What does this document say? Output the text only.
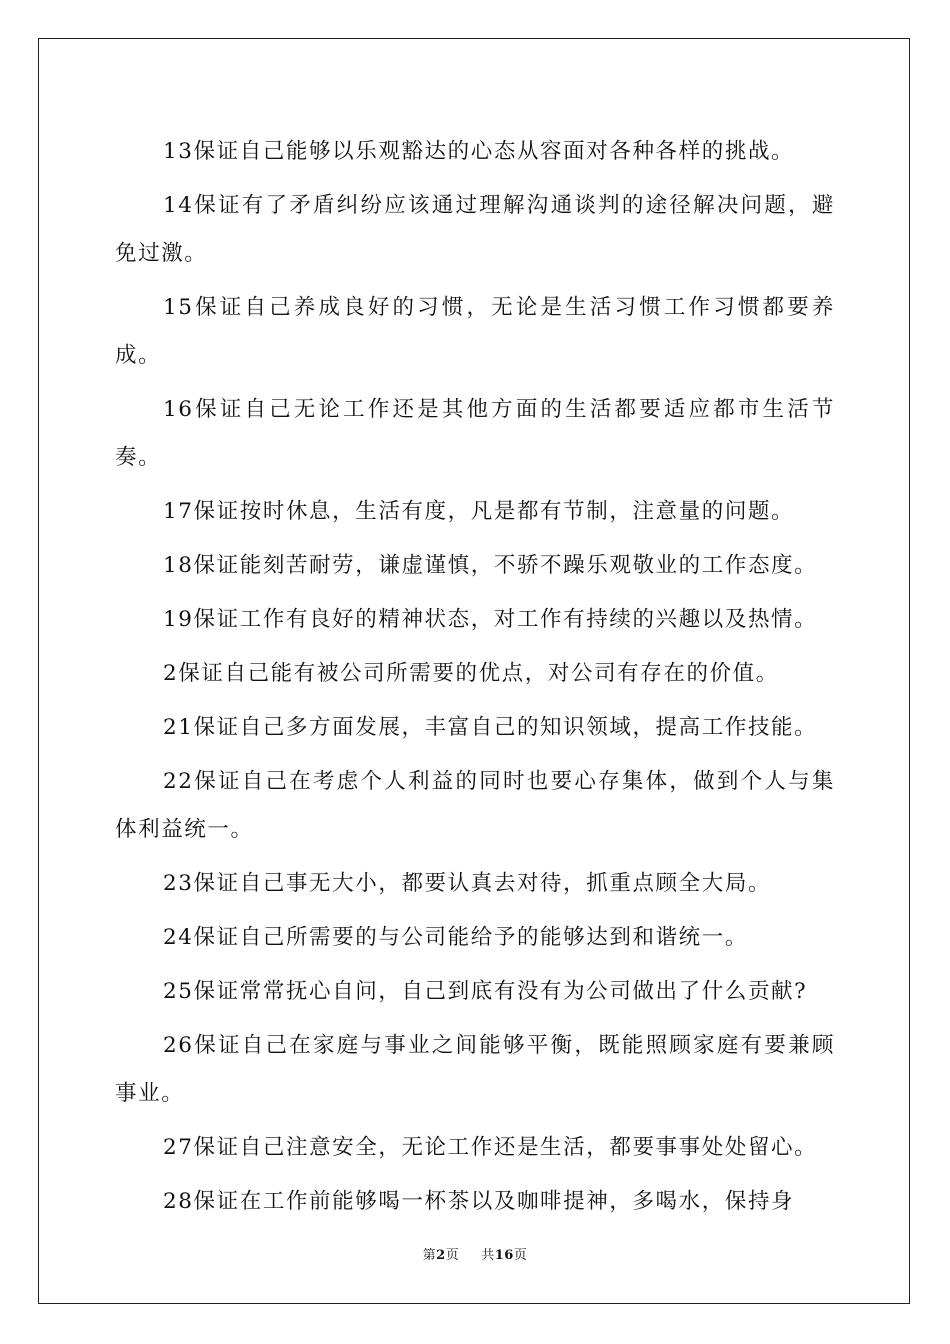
13保证自己能够以乐观豁达的心态从容面对各种各样的挑战。

14保证有了矛盾纠纷应该通过理解沟通谈判的途径解决问题，避免过激。

15保证自己养成良好的习惯，无论是生活习惯工作习惯都要养成。

16保证自己无论工作还是其他方面的生活都要适应都市生活节奏。

17保证按时休息，生活有度，凡是都有节制，注意量的问题。

18保证能刻苦耐劳，谦虚谨慎，不骄不躁乐观敬业的工作态度。

19保证工作有良好的精神状态，对工作有持续的兴趣以及热情。

2保证自己能有被公司所需要的优点，对公司有存在的价值。

21保证自己多方面发展，丰富自己的知识领域，提高工作技能。

22保证自己在考虑个人利益的同时也要心存集体，做到个人与集体利益统一。

23保证自己事无大小，都要认真去对待，抓重点顾全大局。

24保证自己所需要的与公司能给予的能够达到和谐统一。

25保证常常抚心自问，自己到底有没有为公司做出了什么贡献?

26保证自己在家庭与事业之间能够平衡，既能照顾家庭有要兼顾事业。

27保证自己注意安全，无论工作还是生活，都要事事处处留心。

28保证在工作前能够喝一杯茶以及咖啡提神，多喝水，保持身

第2页 共16页
